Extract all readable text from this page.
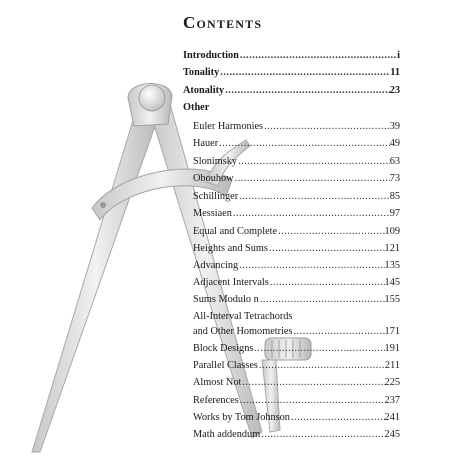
Contents
Introduction .....	i
Tonality .....	11
Atonality .....	23
Other
Euler Harmonies .....	39
Hauer .....	49
Slonimsky .....	63
Obouhow .....	73
Schillinger .....	85
Messiaen .....	97
Equal and Complete .....	109
Heights and Sums .....	121
Advancing .....	135
Adjacent Intervals .....	145
Sums Modulo n .....	155
All-Interval Tetrachords
and Other Homometries .....	171
Block Designs .....	191
Parallel Classes .....	211
Almost Not .....	225
References .....	237
Works by Tom Johnson .....	241
Math addendum .....	245
